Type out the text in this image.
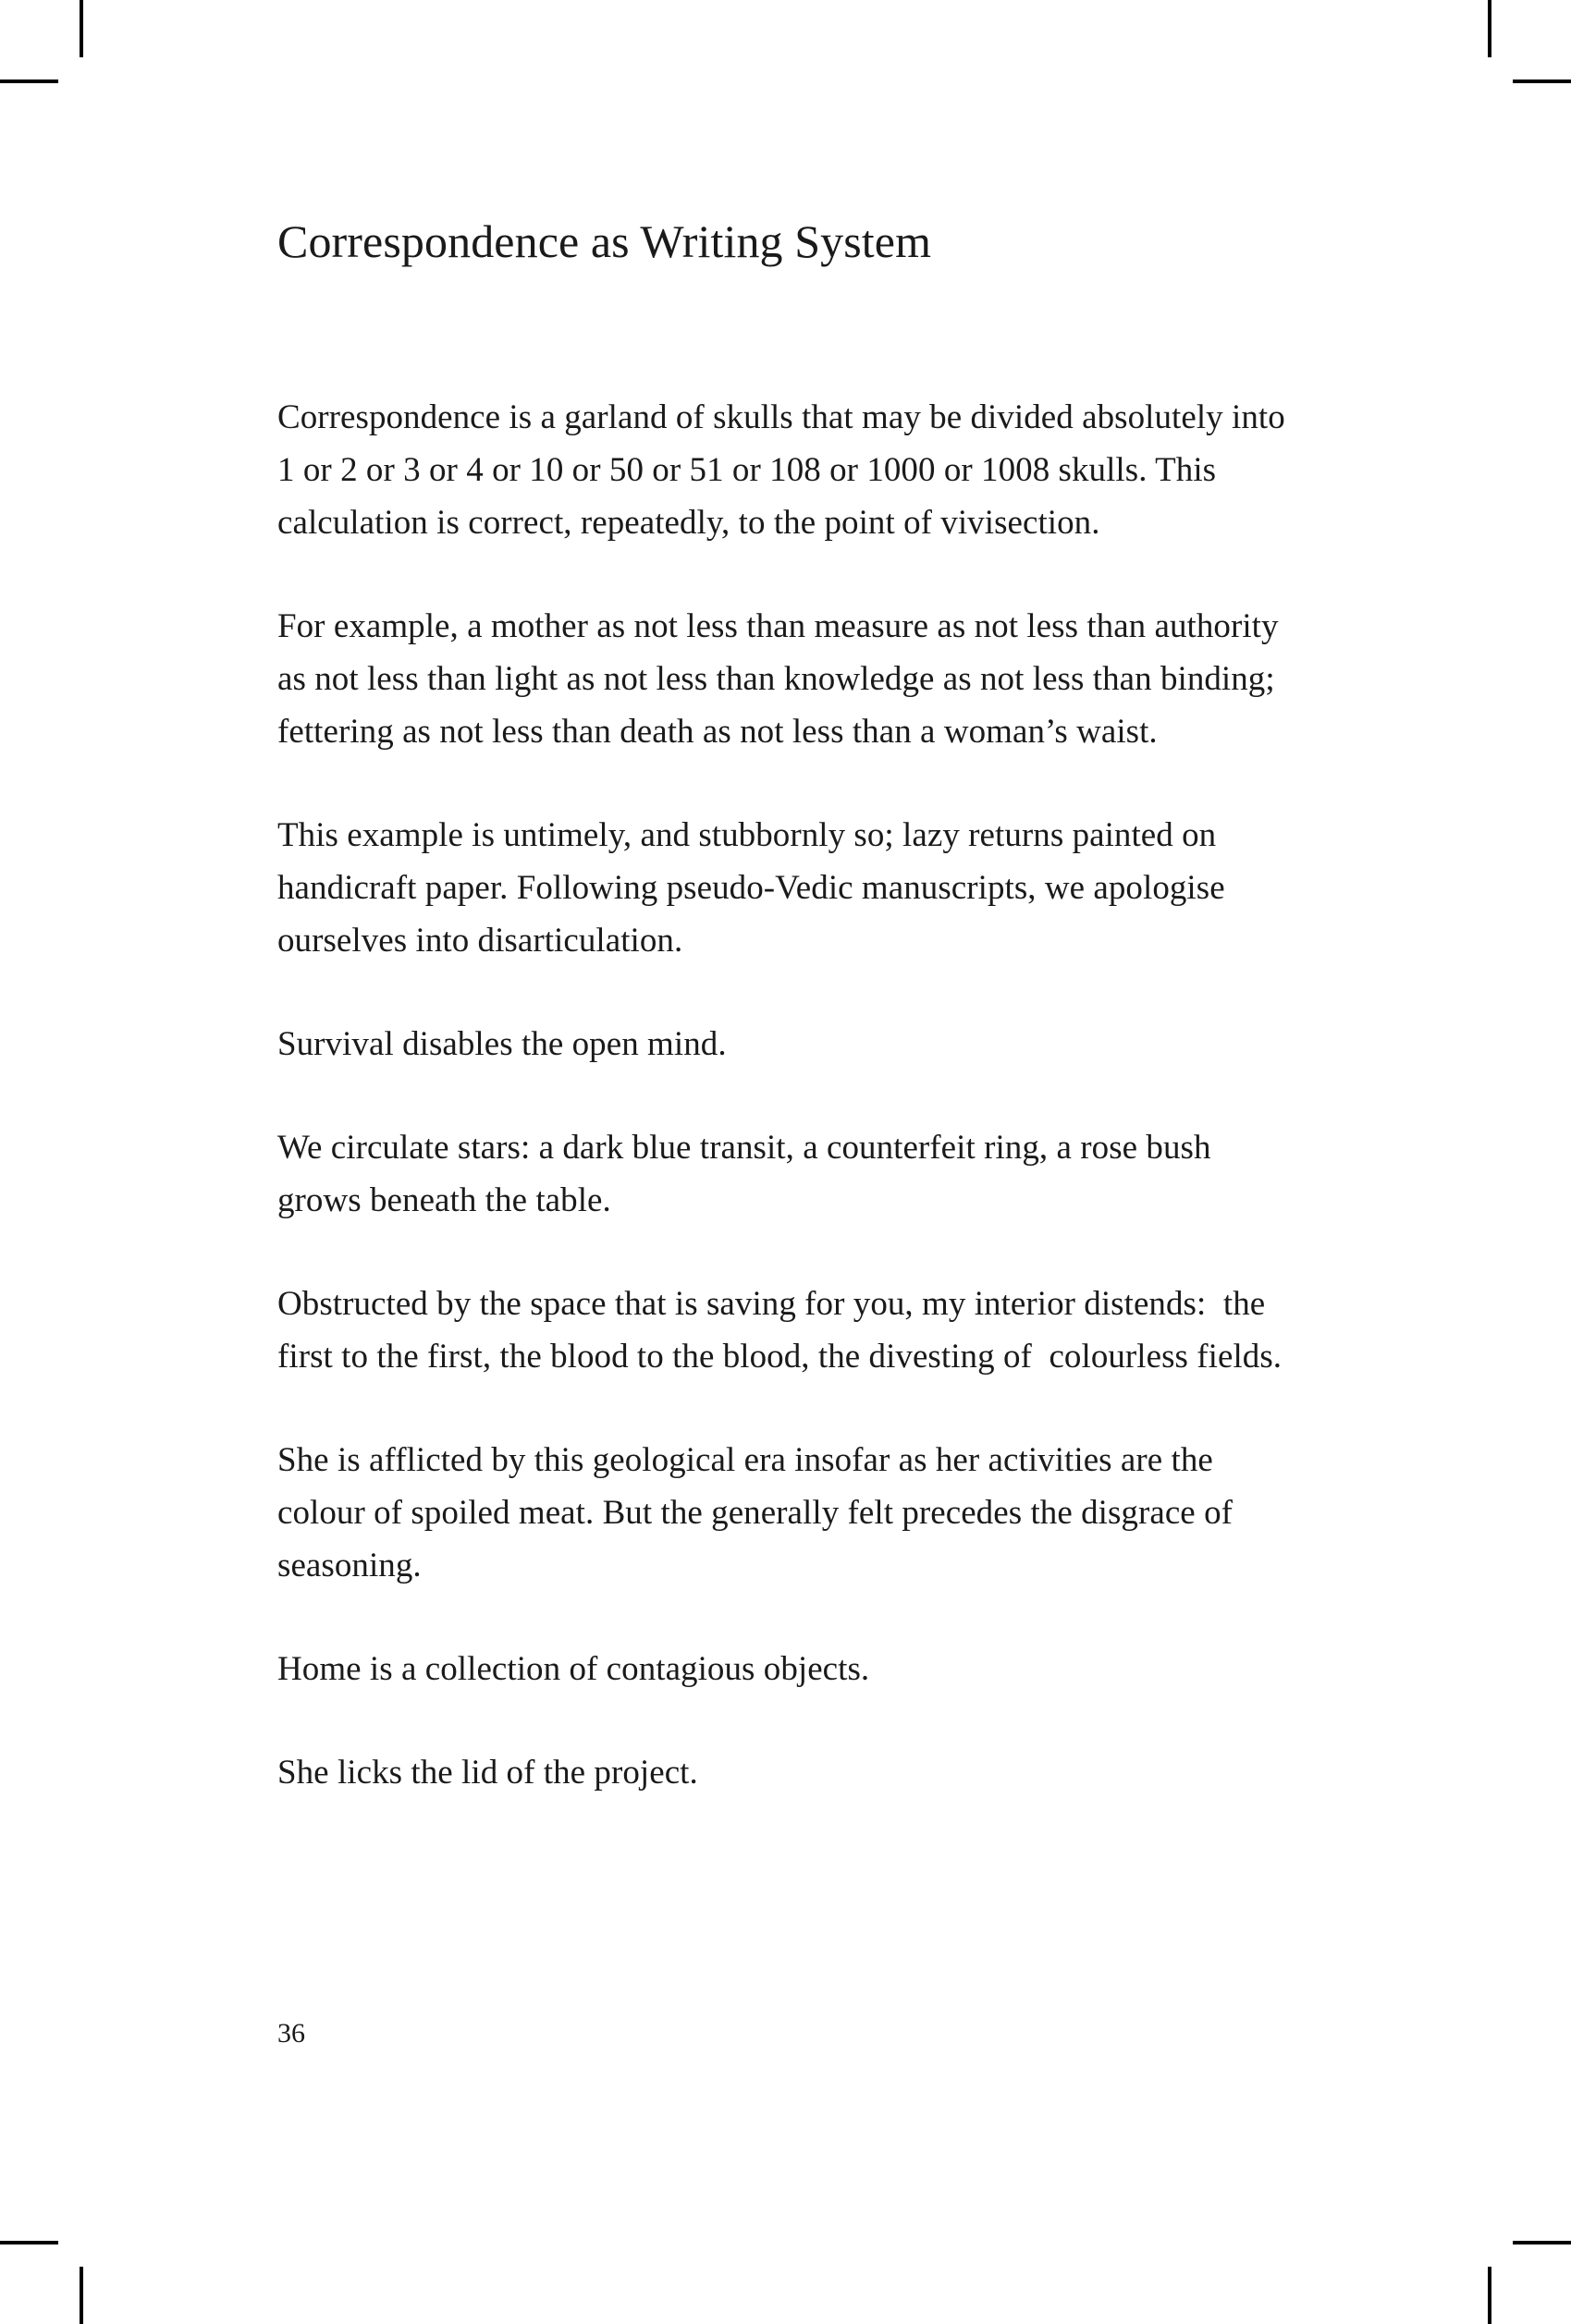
Correspondence as Writing System

Correspondence is a garland of skulls that may be divided absolutely into 1 or 2 or 3 or 4 or 10 or 50 or 51 or 108 or 1000 or 1008 skulls. This calculation is correct, repeatedly, to the point of vivisection.

For example, a mother as not less than measure as not less than authority as not less than light as not less than knowledge as not less than binding; fettering as not less than death as not less than a woman’s waist.

This example is untimely, and stubbornly so; lazy returns painted on handicraft paper. Following pseudo-Vedic manuscripts, we apologise ourselves into disarticulation.

Survival disables the open mind.

We circulate stars: a dark blue transit, a counterfeit ring, a rose bush  grows beneath the table.

Obstructed by the space that is saving for you, my interior distends:  the first to the first, the blood to the blood, the divesting of  colourless fields.

She is afflicted by this geological era insofar as her activities are the colour of spoiled meat. But the generally felt precedes the disgrace of seasoning.

Home is a collection of contagious objects.

She licks the lid of the project.

36
